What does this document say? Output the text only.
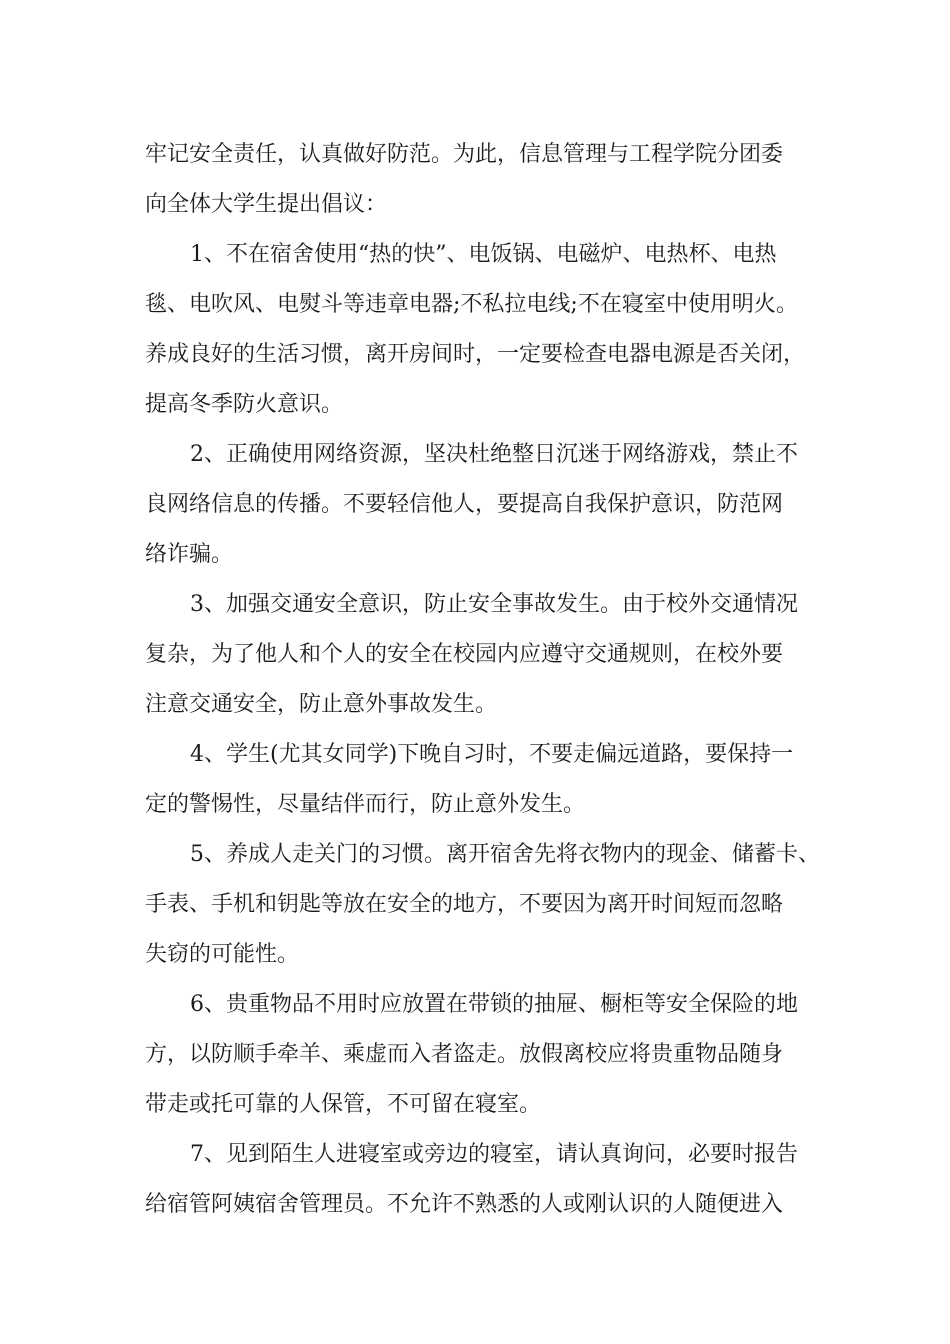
牢记安全责任，认真做好防范。为此，信息管理与工程学院分团委

向全体大学生提出倡议：

1、不在宿舍使用“热的快”、电饭锅、电磁炉、电热杯、电热

毯、电吹风、电熨斗等违章电器;不私拉电线;不在寝室中使用明火。

养成良好的生活习惯，离开房间时，一定要检查电器电源是否关闭，

提高冬季防火意识。

2、正确使用网络资源，坚决杜绝整日沉迷于网络游戏，禁止不

良网络信息的传播。不要轻信他人，要提高自我保护意识，防范网

络诈骗。

3、加强交通安全意识，防止安全事故发生。由于校外交通情况

复杂，为了他人和个人的安全在校园内应遵守交通规则，在校外要

注意交通安全，防止意外事故发生。

4、学生(尤其女同学)下晚自习时，不要走偏远道路，要保持一

定的警惕性，尽量结伴而行，防止意外发生。

5、养成人走关门的习惯。离开宿舍先将衣物内的现金、储蓄卡、

手表、手机和钥匙等放在安全的地方，不要因为离开时间短而忽略

失窃的可能性。

6、贵重物品不用时应放置在带锁的抽屉、橱柜等安全保险的地

方，以防顺手牵羊、乘虚而入者盗走。放假离校应将贵重物品随身

带走或托可靠的人保管，不可留在寝室。

7、见到陌生人进寝室或旁边的寝室，请认真询问，必要时报告

给宿管阿姨宿舍管理员。不允许不熟悉的人或刚认识的人随便进入
